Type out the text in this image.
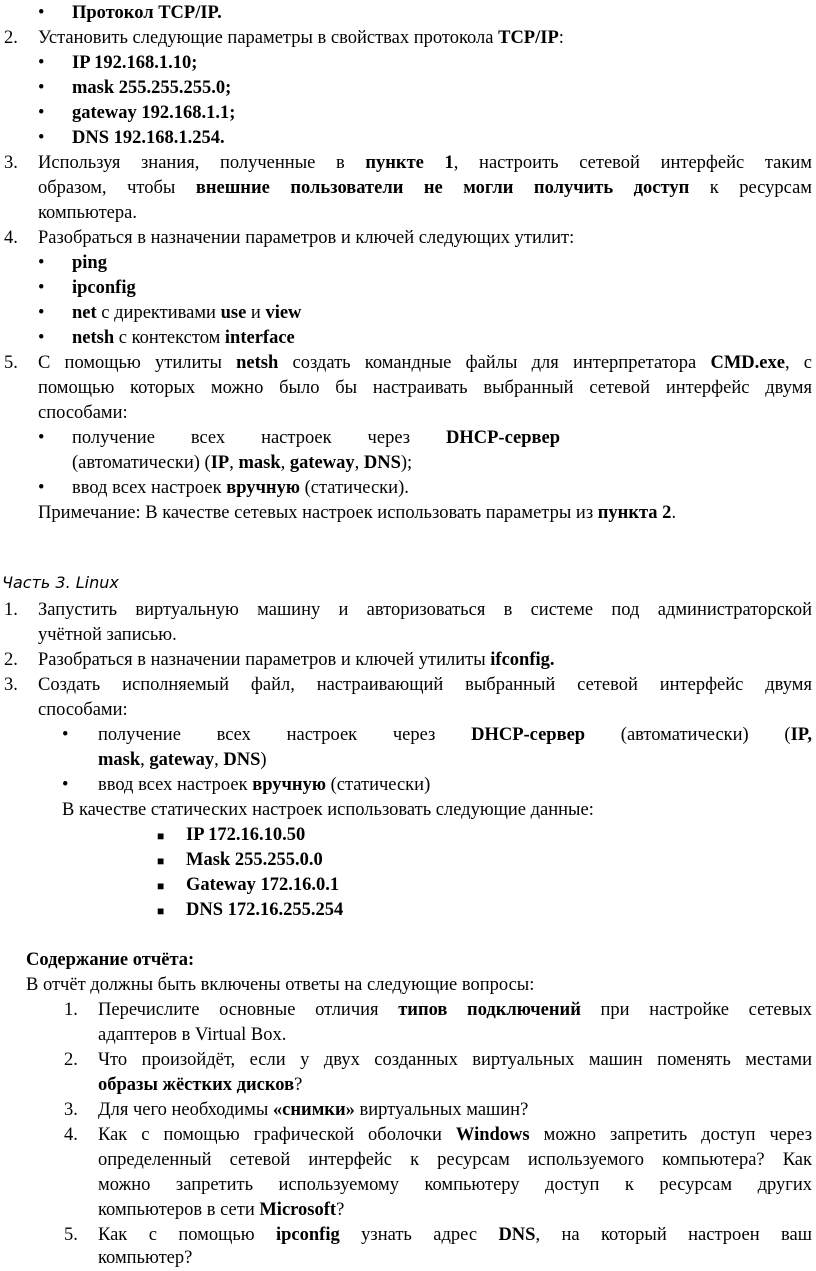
• Протокол TCP/IP.
2. Установить следующие параметры в свойствах протокола TCP/IP:
• IP 192.168.1.10;
• mask 255.255.255.0;
• gateway 192.168.1.1;
• DNS 192.168.1.254.
3. Используя знания, полученные в пункте 1, настроить сетевой интерфейс таким
образом, чтобы внешние пользователи не могли получить доступ к ресурсам
компьютера.
4. Разобраться в назначении параметров и ключей следующих утилит:
• ping
• ipconfig
• net с директивами use и view
• netsh с контекстом interface
5. С помощью утилиты netsh создать командные файлы для интерпретатора CMD.exe, с
помощью которых можно было бы настраивать выбранный сетевой интерфейс двумя
способами:
• получение всех настроек через DHCP-сервер
(автоматически) (IP, mask, gateway, DNS);
• ввод всех настроек вручную (статически).
Примечание: В качестве сетевых настроек использовать параметры из пункта 2.
Часть 3. Linux
1. Запустить виртуальную машину и авторизоваться в системе под администраторской
учётной записью.
2. Разобраться в назначении параметров и ключей утилиты ifconfig.
3. Создать исполняемый файл, настраивающий выбранный сетевой интерфейс двумя
способами:
• получение всех настроек через DHCP-сервер (автоматически) (IP,
mask, gateway, DNS)
• ввод всех настроек вручную (статически)
В качестве статических настроек использовать следующие данные:
■ IP 172.16.10.50
■ Mask 255.255.0.0
■ Gateway 172.16.0.1
■ DNS 172.16.255.254
Содержание отчёта:
В отчёт должны быть включены ответы на следующие вопросы:
1. Перечислите основные отличия типов подключений при настройке сетевых
адаптеров в Virtual Box.
2. Что произойдёт, если у двух созданных виртуальных машин поменять местами
образы жёстких дисков?
3. Для чего необходимы «снимки» виртуальных машин?
4. Как с помощью графической оболочки Windows можно запретить доступ через
определенный сетевой интерфейс к ресурсам используемого компьютера? Как
можно запретить используемому компьютеру доступ к ресурсам других
компьютеров в сети Microsoft?
5. Как с помощью ipconfig узнать адрес DNS, на который настроен ваш
компьютер?
